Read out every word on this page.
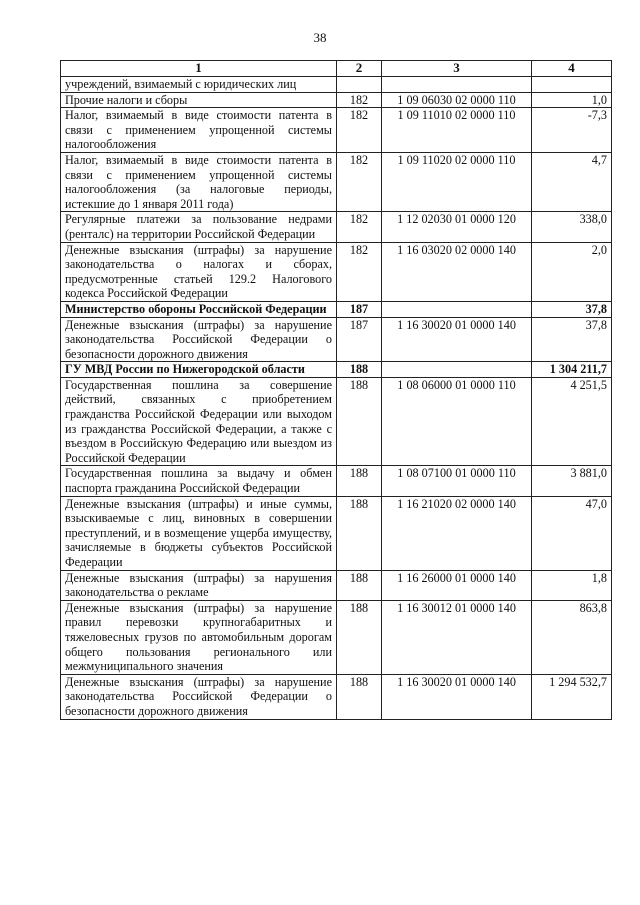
38
1	2	3	4
учреждений, взимаемый с юридических лиц			
Прочие налоги и сборы	182	1 09 06030 02 0000 110	1,0
Налог, взимаемый в виде стоимости патента в связи с применением упрощенной системы налогообложения	182	1 09 11010 02 0000 110	-7,3
Налог, взимаемый в виде стоимости патента в связи с применением упрощенной системы налогообложения (за налоговые периоды, истекшие до 1 января 2011 года)	182	1 09 11020 02 0000 110	4,7
Регулярные платежи за пользование недрами (ренталс) на территории Российской Федерации	182	1 12 02030 01 0000 120	338,0
Денежные взыскания (штрафы) за нарушение законодательства о налогах и сборах, предусмотренные статьей 129.2 Налогового кодекса Российской Федерации	182	1 16 03020 02 0000 140	2,0
Министерство обороны Российской Федерации	187		37,8
Денежные взыскания (штрафы) за нарушение законодательства Российской Федерации о безопасности дорожного движения	187	1 16 30020 01 0000 140	37,8
ГУ МВД России по Нижегородской области	188		1 304 211,7
Государственная пошлина за совершение действий, связанных с приобретением гражданства Российской Федерации или выходом из гражданства Российской Федерации, а также с въездом в Российскую Федерацию или выездом из Российской Федерации	188	1 08 06000 01 0000 110	4 251,5
Государственная пошлина за выдачу и обмен паспорта гражданина Российской Федерации	188	1 08 07100 01 0000 110	3 881,0
Денежные взыскания (штрафы) и иные суммы, взыскиваемые с лиц, виновных в совершении преступлений, и в возмещение ущерба имуществу, зачисляемые в бюджеты субъектов Российской Федерации	188	1 16 21020 02 0000 140	47,0
Денежные взыскания (штрафы) за нарушения законодательства о рекламе	188	1 16 26000 01 0000 140	1,8
Денежные взыскания (штрафы) за нарушение правил перевозки крупногабаритных и тяжеловесных грузов по автомобильным дорогам общего пользования регионального или межмуниципального значения	188	1 16 30012 01 0000 140	863,8
Денежные взыскания (штрафы) за нарушение законодательства Российской Федерации о безопасности дорожного движения	188	1 16 30020 01 0000 140	1 294 532,7
